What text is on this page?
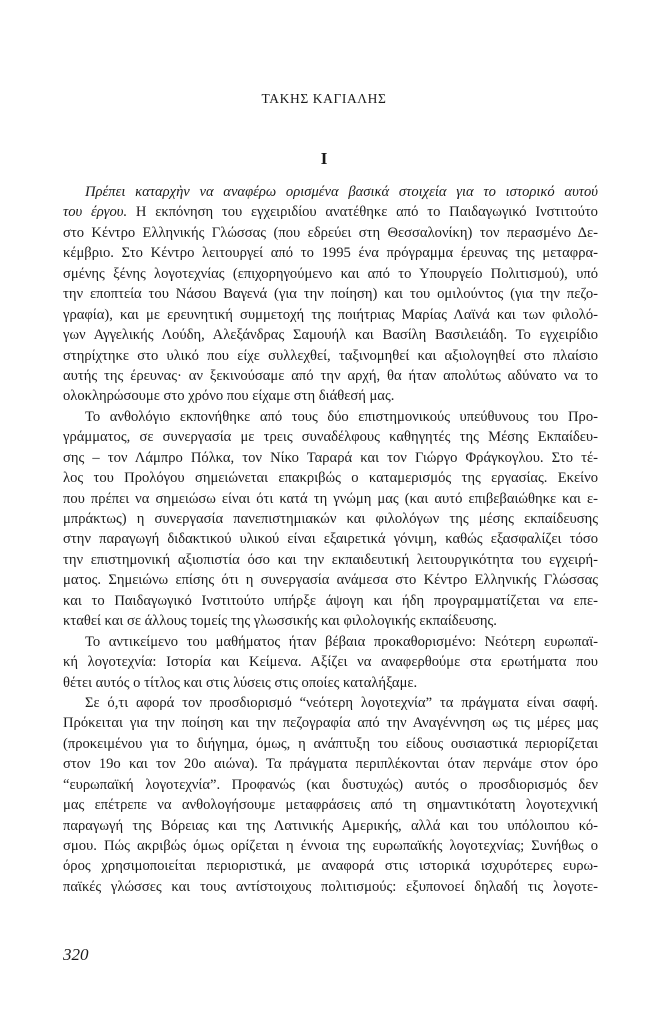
ΤΑΚΗΣ ΚΑΓΙΑΛΗΣ
Ι
Πρέπει καταρχὴν να αναφέρω ορισμένα βασικά στοιχεία για το ιστορικό αυτού
του έργου. Η εκπόνηση του εγχειριδίου ανατέθηκε από το Παιδαγωγικό Ινστιτούτο
στο Κέντρο Ελληνικής Γλώσσας (που εδρεύει στη Θεσσαλονίκη) τον περασμένο Δε-
κέμβριο. Στο Κέντρο λειτουργεί από το 1995 ένα πρόγραμμα έρευνας της μεταφρα-
σμένης ξένης λογοτεχνίας (επιχορηγούμενο και από το Υπουργείο Πολιτισμού), υπό
την εποπτεία του Νάσου Βαγενά (για την ποίηση) και του ομιλούντος (για την πεζο-
γραφία), και με ερευνητική συμμετοχή της ποιήτριας Μαρίας Λαϊνά και των φιλολό-
γων Αγγελικής Λούδη, Αλεξάνδρας Σαμουήλ και Βασίλη Βασιλειάδη. Το εγχειρίδιο
στηρίχτηκε στο υλικό που είχε συλλεχθεί, ταξινομηθεί και αξιολογηθεί στο πλαίσιο
αυτής της έρευνας· αν ξεκινούσαμε από την αρχή, θα ήταν απολύτως αδύνατο να το
ολοκληρώσουμε στο χρόνο που είχαμε στη διάθεσή μας.
Το ανθολόγιο εκπονήθηκε από τους δύο επιστημονικούς υπεύθυνους του Προ-
γράμματος, σε συνεργασία με τρεις συναδέλφους καθηγητές της Μέσης Εκπαίδευ-
σης – τον Λάμπρο Πόλκα, τον Νίκο Ταραρά και τον Γιώργο Φράγκογλου. Στο τέ-
λος του Προλόγου σημειώνεται επακριβώς ο καταμερισμός της εργασίας. Εκείνο
που πρέπει να σημειώσω είναι ότι κατά τη γνώμη μας (και αυτό επιβεβαιώθηκε και ε-
μπράκτως) η συνεργασία πανεπιστημιακών και φιλολόγων της μέσης εκπαίδευσης
στην παραγωγή διδακτικού υλικού είναι εξαιρετικά γόνιμη, καθώς εξασφαλίζει τόσο
την επιστημονική αξιοπιστία όσο και την εκπαιδευτική λειτουργικότητα του εγχειρή-
ματος. Σημειώνω επίσης ότι η συνεργασία ανάμεσα στο Κέντρο Ελληνικής Γλώσσας
και το Παιδαγωγικό Ινστιτούτο υπήρξε άψογη και ήδη προγραμματίζεται να επε-
κταθεί και σε άλλους τομείς της γλωσσικής και φιλολογικής εκπαίδευσης.
Το αντικείμενο του μαθήματος ήταν βέβαια προκαθορισμένο: Νεότερη ευρωπαϊ-
κή λογοτεχνία: Ιστορία και Κείμενα. Αξίζει να αναφερθούμε στα ερωτήματα που
θέτει αυτός ο τίτλος και στις λύσεις στις οποίες καταλήξαμε.
Σε ό,τι αφορά τον προσδιορισμό “νεότερη λογοτεχνία” τα πράγματα είναι σαφή.
Πρόκειται για την ποίηση και την πεζογραφία από την Αναγέννηση ως τις μέρες μας
(προκειμένου για το διήγημα, όμως, η ανάπτυξη του είδους ουσιαστικά περιορίζεται
στον 19ο και τον 20ο αιώνα). Τα πράγματα περιπλέκονται όταν περνάμε στον όρο
“ευρωπαϊκή λογοτεχνία”. Προφανώς (και δυστυχώς) αυτός ο προσδιορισμός δεν
μας επέτρεπε να ανθολογήσουμε μεταφράσεις από τη σημαντικότατη λογοτεχνική
παραγωγή της Βόρειας και της Λατινικής Αμερικής, αλλά και του υπόλοιπου κό-
σμου. Πώς ακριβώς όμως ορίζεται η έννοια της ευρωπαϊκής λογοτεχνίας; Συνήθως ο
όρος χρησιμοποιείται περιοριστικά, με αναφορά στις ιστορικά ισχυρότερες ευρω-
παϊκές γλώσσες και τους αντίστοιχους πολιτισμούς: εξυπονοεί δηλαδή τις λογοτε-
320
